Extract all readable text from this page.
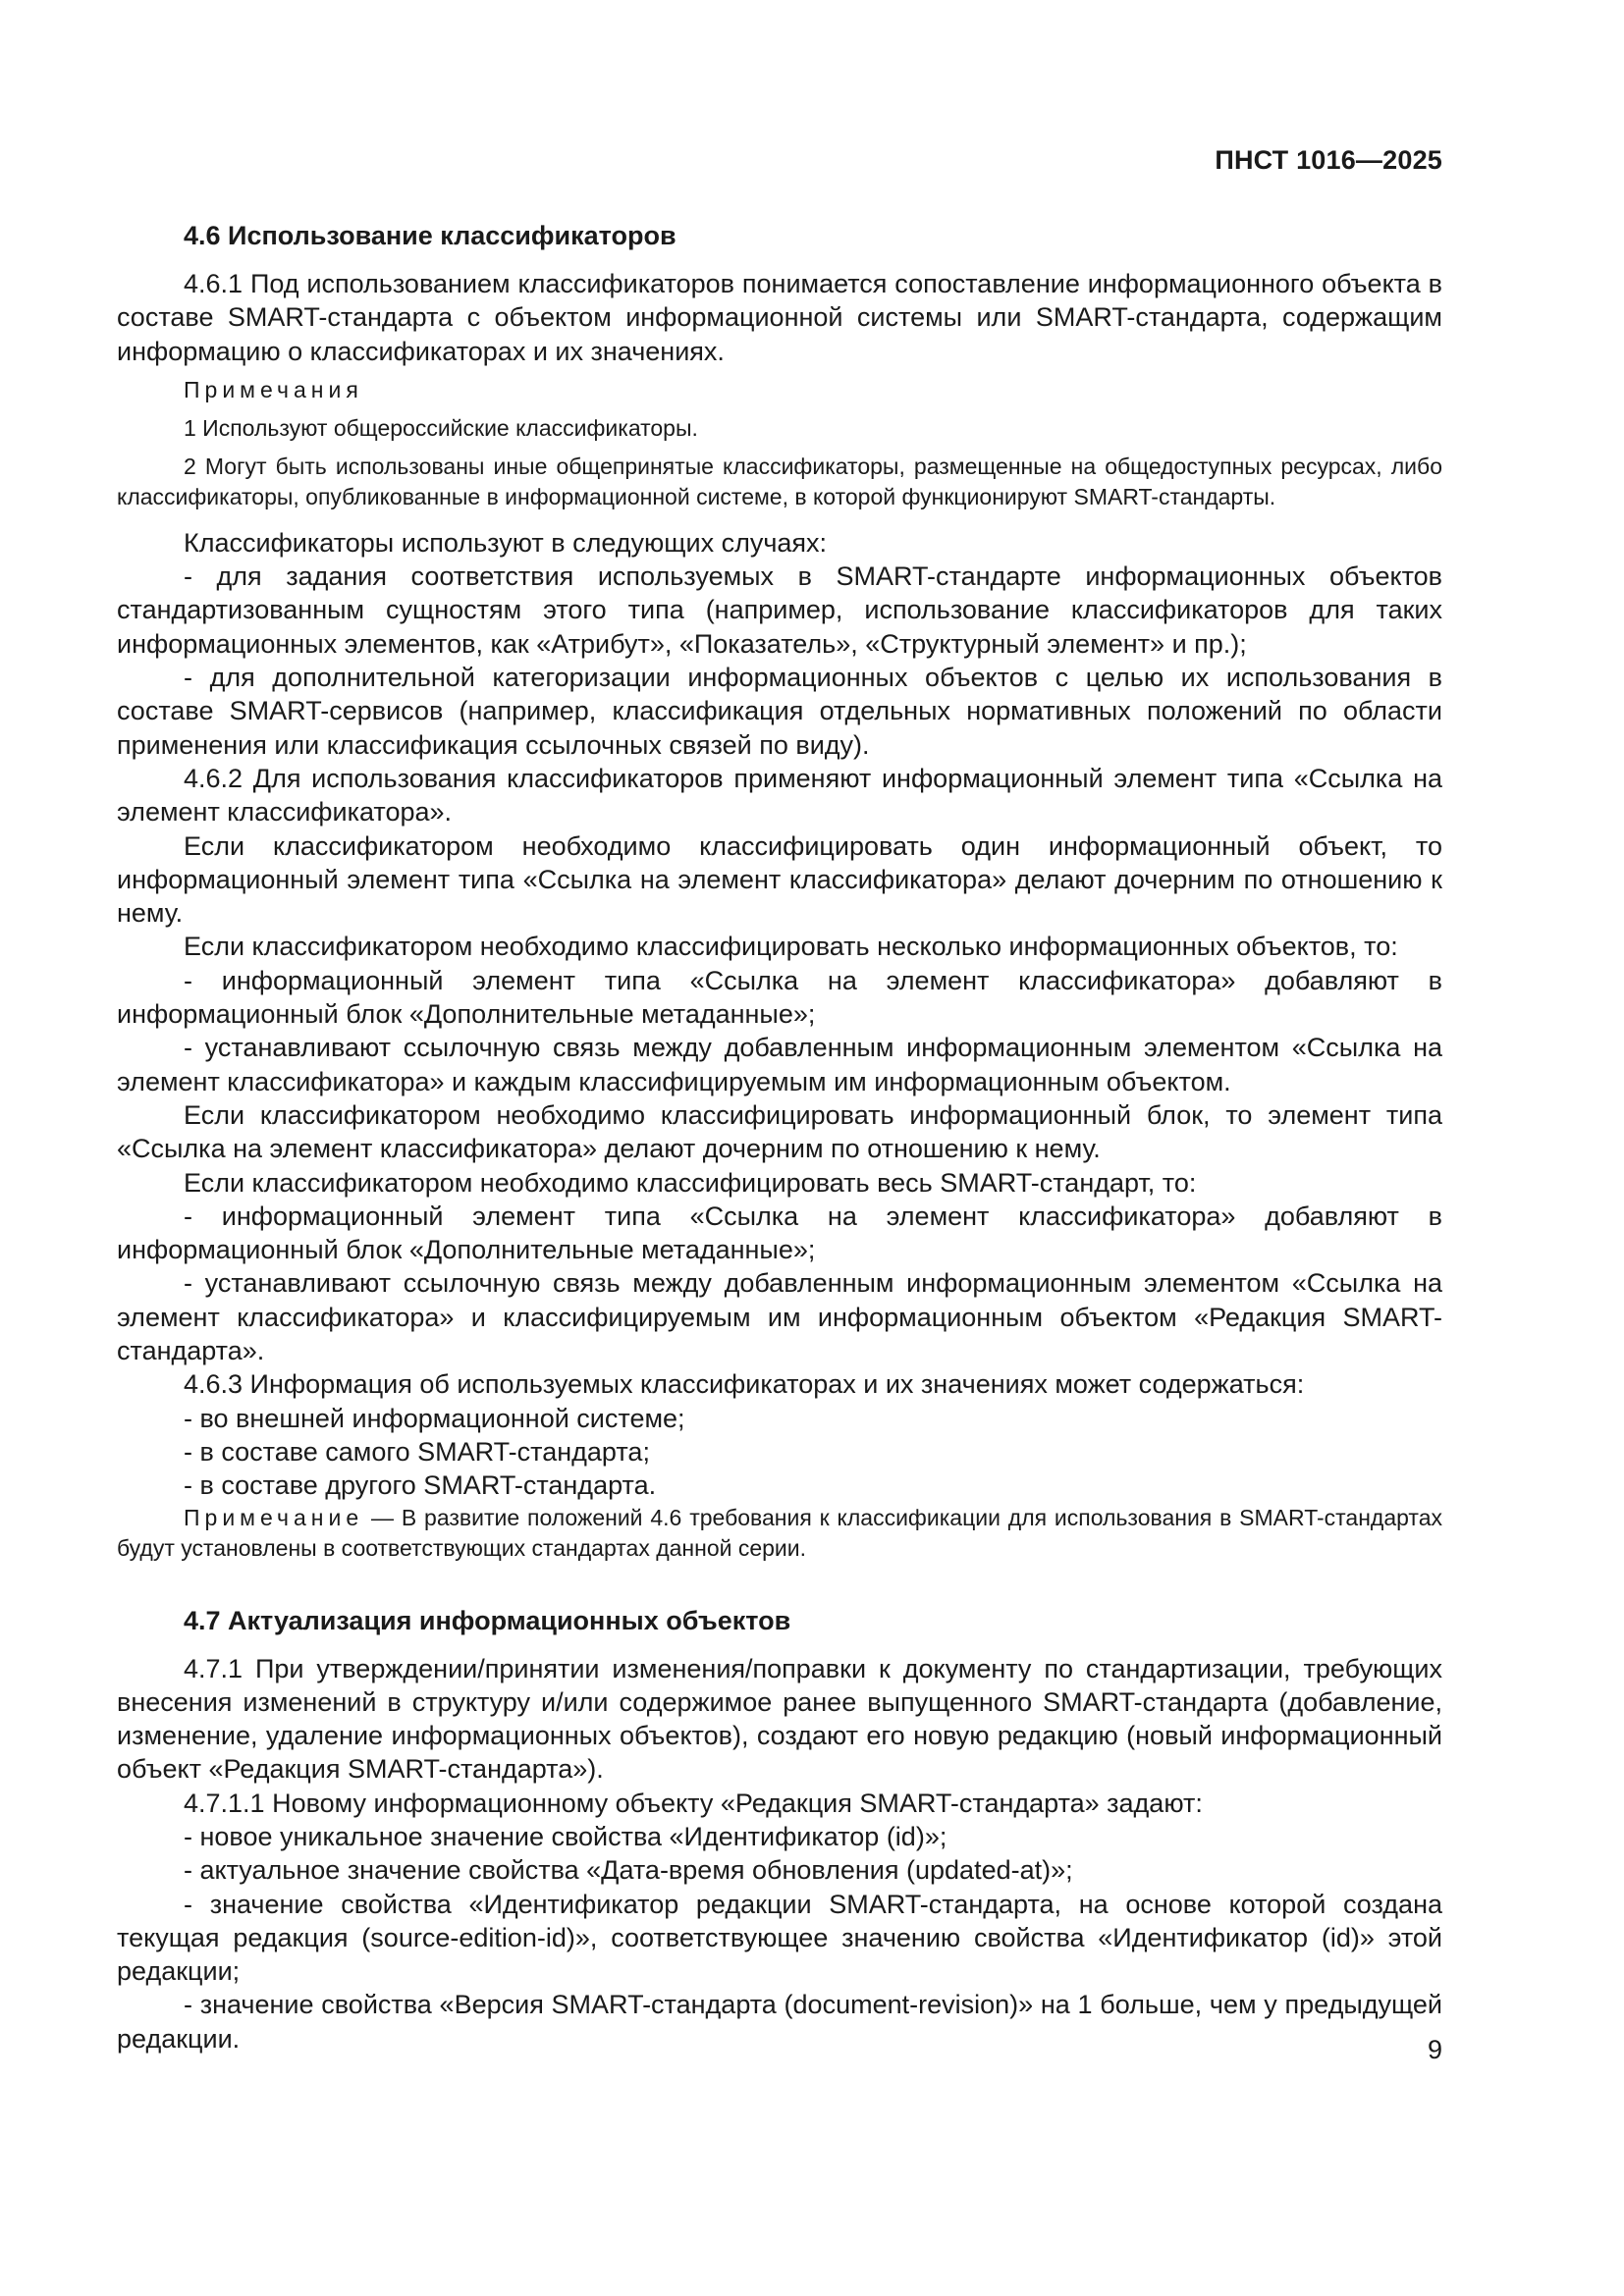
ПНСТ 1016—2025

4.6 Использование классификаторов

4.6.1 Под использованием классификаторов понимается сопоставление информационного объекта в составе SMART-стандарта с объектом информационной системы или SMART-стандарта, содержащим информацию о классификаторах и их значениях.

Примечания

1 Используют общероссийские классификаторы.

2 Могут быть использованы иные общепринятые классификаторы, размещенные на общедоступных ресурсах, либо классификаторы, опубликованные в информационной системе, в которой функционируют SMART-стандарты.

Классификаторы используют в следующих случаях:

- для задания соответствия используемых в SMART-стандарте информационных объектов стандартизованным сущностям этого типа (например, использование классификаторов для таких информационных элементов, как «Атрибут», «Показатель», «Структурный элемент» и пр.);

- для дополнительной категоризации информационных объектов с целью их использования в составе SMART-сервисов (например, классификация отдельных нормативных положений по области применения или классификация ссылочных связей по виду).

4.6.2 Для использования классификаторов применяют информационный элемент типа «Ссылка на элемент классификатора».

Если классификатором необходимо классифицировать один информационный объект, то информационный элемент типа «Ссылка на элемент классификатора» делают дочерним по отношению к нему.

Если классификатором необходимо классифицировать несколько информационных объектов, то:

- информационный элемент типа «Ссылка на элемент классификатора» добавляют в информационный блок «Дополнительные метаданные»;

- устанавливают ссылочную связь между добавленным информационным элементом «Ссылка на элемент классификатора» и каждым классифицируемым им информационным объектом.

Если классификатором необходимо классифицировать информационный блок, то элемент типа «Ссылка на элемент классификатора» делают дочерним по отношению к нему.

Если классификатором необходимо классифицировать весь SMART-стандарт, то:

- информационный элемент типа «Ссылка на элемент классификатора» добавляют в информационный блок «Дополнительные метаданные»;

- устанавливают ссылочную связь между добавленным информационным элементом «Ссылка на элемент классификатора» и классифицируемым им информационным объектом «Редакция SMART-стандарта».

4.6.3 Информация об используемых классификаторах и их значениях может содержаться:

- во внешней информационной системе;

- в составе самого SMART-стандарта;

- в составе другого SMART-стандарта.

Примечание — В развитие положений 4.6 требования к классификации для использования в SMART-стандартах будут установлены в соответствующих стандартах данной серии.

4.7 Актуализация информационных объектов

4.7.1 При утверждении/принятии изменения/поправки к документу по стандартизации, требующих внесения изменений в структуру и/или содержимое ранее выпущенного SMART-стандарта (добавление, изменение, удаление информационных объектов), создают его новую редакцию (новый информационный объект «Редакция SMART-стандарта»).

4.7.1.1 Новому информационному объекту «Редакция SMART-стандарта» задают:

- новое уникальное значение свойства «Идентификатор (id)»;

- актуальное значение свойства «Дата-время обновления (updated-at)»;

- значение свойства «Идентификатор редакции SMART-стандарта, на основе которой создана текущая редакция (source-edition-id)», соответствующее значению свойства «Идентификатор (id)» этой редакции;

- значение свойства «Версия SMART-стандарта (document-revision)» на 1 больше, чем у предыдущей редакции.	9
